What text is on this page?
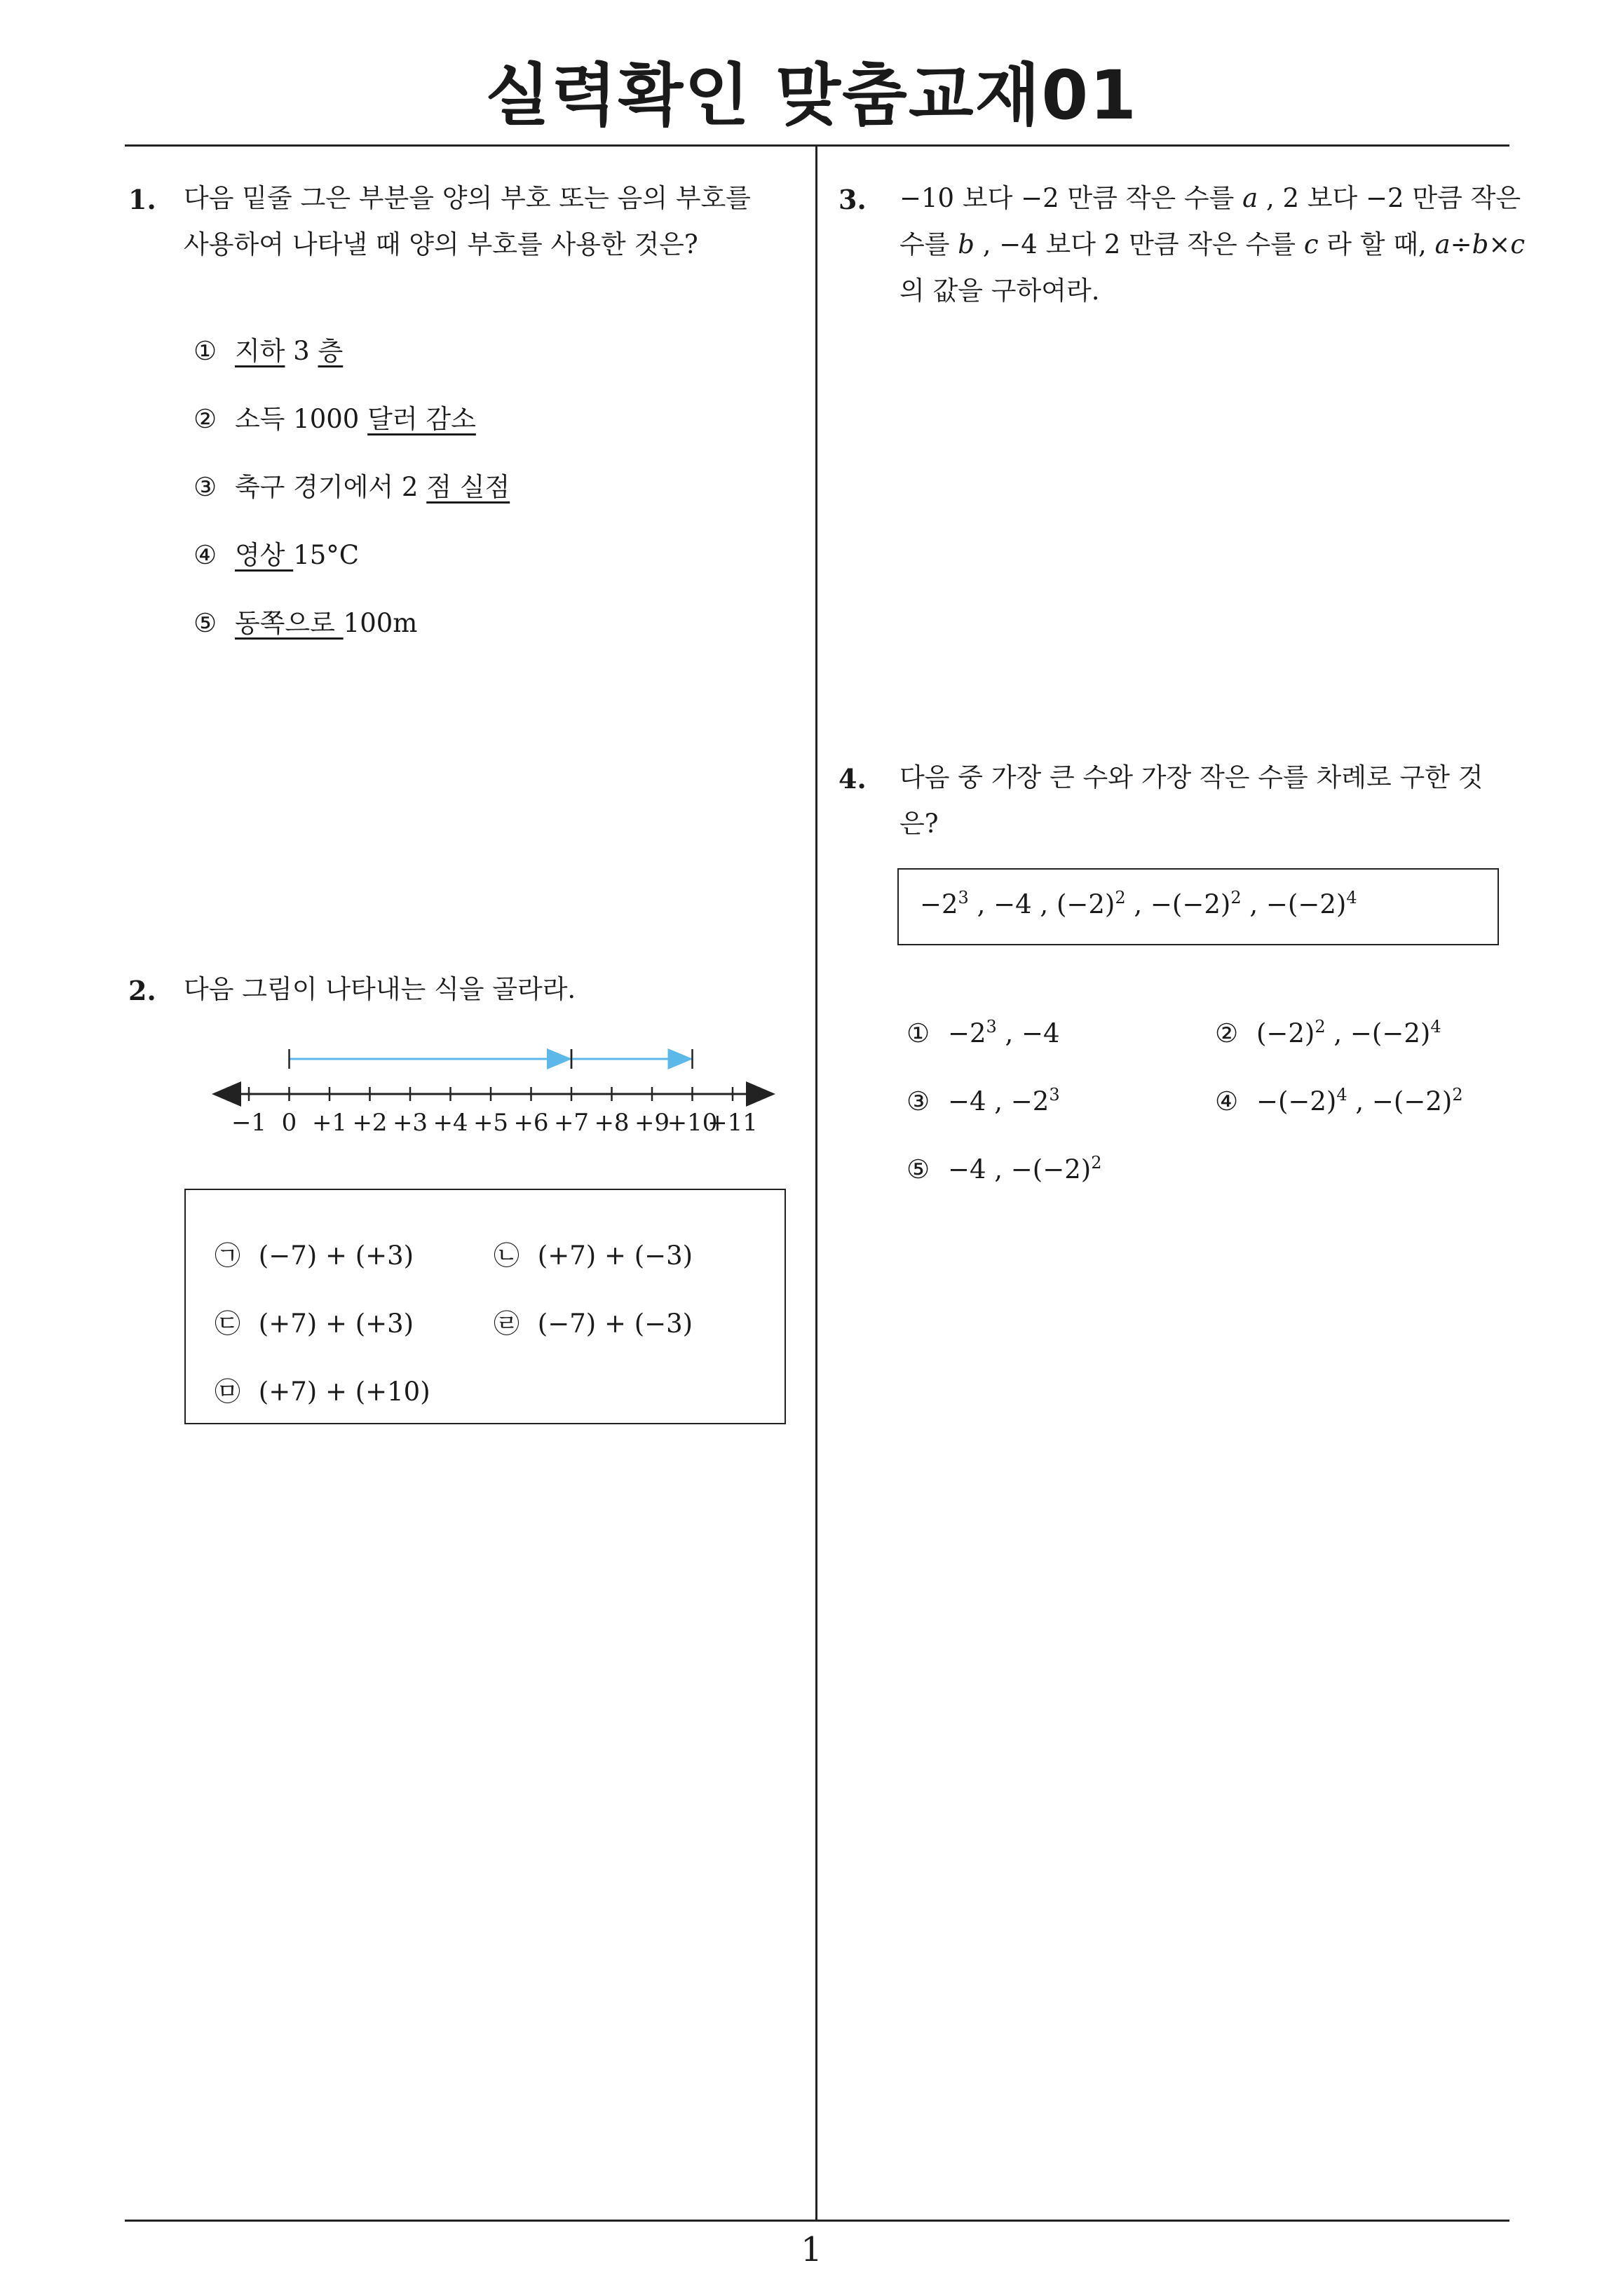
실력확인 맞춤교재01
1. 다음 밑줄 그은 부분을 양의 부호 또는 음의 부호를
사용하여 나타낼 때 양의 부호를 사용한 것은?
① 지하 3 층
② 소득 1000 달러 감소
③ 축구 경기에서 2 점 실점
④ 영상 15°C
⑤ 동쪽으로 100m
2. 다음 그림이 나타내는 식을 골라라.
−1 0 +1 +2 +3 +4 +5 +6 +7 +8 +9
+10
+11
㉠ (−7) + (+3)	㉡ (+7) + (−3)
㉢ (+7) + (+3)	㉣ (−7) + (−3)
㉤ (+7) + (+10)
3. −10 보다 −2 만큼 작은 수를 a , 2 보다 −2 만큼 작은
수를 b , −4 보다 2 만큼 작은 수를 c 라 할 때, a÷b×c
의 값을 구하여라.
4. 다음 중 가장 큰 수와 가장 작은 수를 차례로 구한 것
은?
$-2^3$ , −4 , $(-2)^2$ , $-(-2)^2$ , $-(-2)^4$
① $-2^3$ , −4	② $(-2)^2$ , $-(-2)^4$
③ −4 , $-2^3$	④ $-(-2)^4$ , $-(-2)^2$
⑤ −4 , $-(-2)^2$
1
